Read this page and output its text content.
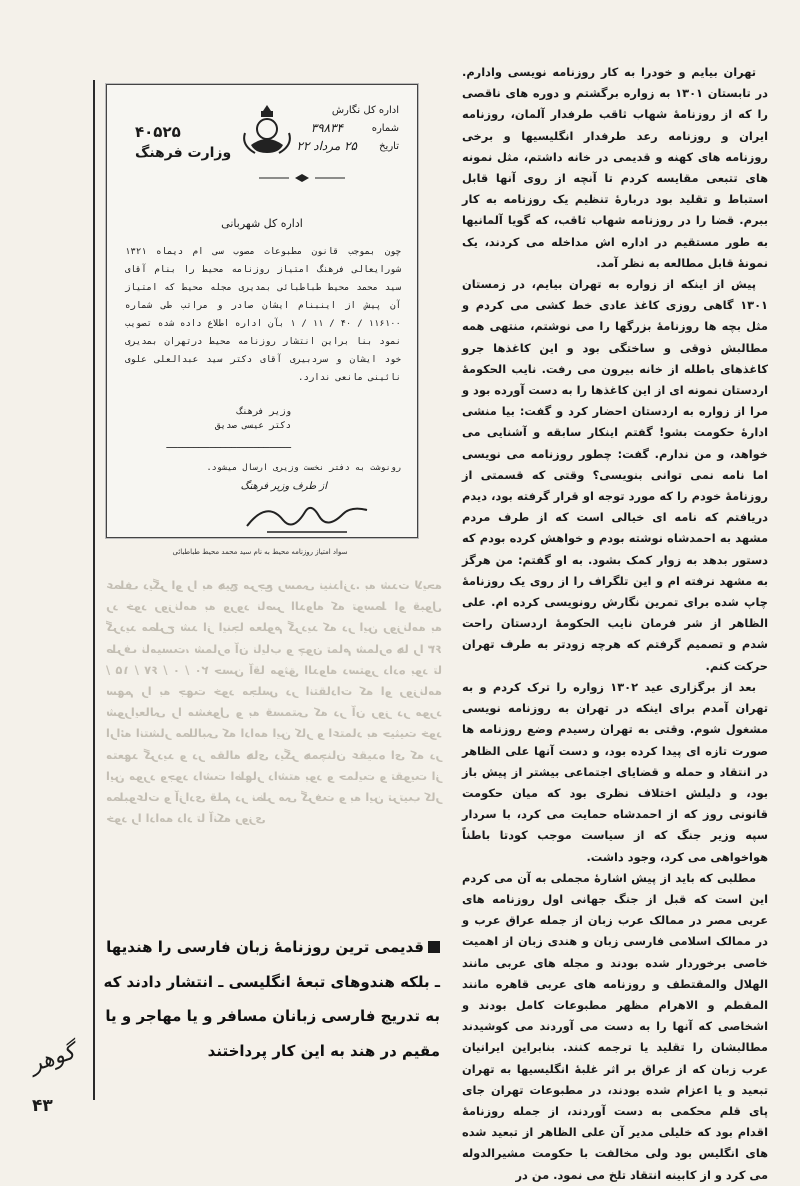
عطف دیگر او را به هیچ مرجع رسمی نیندازد. به شدت لایحه رد خود روزنامه به ورود ناصر الدوله که توسط او قبول گردید مطرح شد از اینجا معلوم گردید که در این روزنامه به طرف نامیست، شماره آن نایاب و چون تمام شماره ها را ۶۳ / ۱۵ / ۶۷ / ۰ / ۲۰ حسن آقا موثق الدوله دستور داده بود تا سهم را به جهت خود مجلس در انتقادات که او روزنامه شورایعالی را مشغول و به قسمتی که در آن روز در مورد ارائه انتشار مطالبی که ادامه این کار و اعتماد به حیثیت خود متعهد گردید و در مقاله های دیگر همچنان عقیده ای که در این مورد وجود داشت اظهار داشته بود و حمایت و تقویت از مطبوعات و آزادی قلم در نظر می گرفت و به این ترتیب کار خود را ادامه داد تا آنکه روزی
اداره کل نگارش
شماره
۳۹۸۳۴
تاریخ
۲۵ مرداد ۲۲
۴۰۵۲۵
وزارت فرهنگ
اداره کل شهربانی
چون بموجب قانون مطبوعات مصوب سی ام دیماه ۱۳۲۱ شورایعالی فرهنگ امتیاز روزنامه محیط را بنام آقای سید محمد محیط طباطبائی بمدیری مجله محیط که امتیاز آن پیش از اینبنام ایشان صادر و مراتب طی شماره ۱۱۶۱۰۰ / ۴۰ / ۱۱ / ۱ بآن اداره اطلاع داده شده تصویب نمود بنا براین انتشار روزنامه محیط درتهران بمدیری خود ایشان و سردبیری آقای دکتر سید عبدالعلی علوی نائینی مانعی ندارد.
وزیر فرهنگ
دکتر عیسی صدیق
ـــــــــــــــــــــــ
رونوشت به دفتر نخست وزیری ارسال میشود.
از طرف وزیر فرهنگ
سواد امتیاز روزنامه محیط به نام سید محمد محیط طباطبائی

تهران بیایم و خودرا به کار روزنامه نویسی وادارم. در تابستان ۱۳۰۱ به زواره برگشتم و دوره های ناقصی را که از روزنامهٔ شهاب ثاقب طرفدار آلمان، روزنامه ایران و روزنامه رعد طرفدار انگلیسیها و برخی روزنامه های کهنه و قدیمی در خانه داشتم، مثل نمونه های تتبعی مقایسه کردم تا آنچه از روی آنها قابل استباط و تقلید بود دربارهٔ تنظیم یک روزنامه به کار ببرم. قضا را در روزنامه شهاب ثاقب، که گویا آلمانیها به طور مستقیم در اداره اش مداخله می کردند، یک نمونهٔ قابل مطالعه به نظر آمد.

پیش از اینکه از زواره به تهران بیایم، در زمستان ۱۳۰۱ گاهی روزی کاغذ عادی خط کشی می کردم و مثل بچه ها روزنامهٔ بزرگها را می نوشتم، منتهی همه مطالبش ذوقی و ساختگی بود و این کاغذها جرو کاغذهای باطله از خانه بیرون می رفت. نایب الحکومهٔ اردستان نمونه ای از این کاغذها را به دست آورده بود و مرا از زواره به اردستان احضار کرد و گفت: بیا منشی ادارهٔ حکومت بشو! گفتم اینکار سابقه و آشنایی می خواهد، و من ندارم. گفت: چطور روزنامه می نویسی اما نامه نمی توانی بنویسی؟ وقتی که قسمتی از روزنامهٔ خودم را که مورد توجه او قرار گرفته بود، دیدم دریافتم که نامه ای خیالی است که از طرف مردم مشهد به احمدشاه نوشته بودم و خواهش کرده بودم که دستور بدهد به زوار کمک بشود. به او گفتم: من هرگز به مشهد نرفته ام و این تلگراف را از روی یک روزنامهٔ چاپ شده برای تمرین نگارش رونویسی کرده ام. علی الظاهر از شر فرمان نایب الحکومهٔ اردستان راحت شدم و تصمیم گرفتم که هرچه زودتر به طرف تهران حرکت کنم.

بعد از برگزاری عید ۱۳۰۲ زواره را ترک کردم و به تهران آمدم برای اینکه در تهران به روزنامه نویسی مشغول شوم. وقتی به تهران رسیدم وضع روزنامه ها صورت تازه ای پیدا کرده بود، و دست آنها علی الظاهر در انتقاد و حمله و قضایای اجتماعی بیشتر از پیش باز بود، و دلیلش اختلاف نظری بود که میان حکومت قانونی روز که از احمدشاه حمایت می کرد، با سردار سپه وزیر جنگ که از سیاست موجب کودتا باطناً هواخواهی می کرد، وجود داشت.

مطلبی که باید از پیش اشارهٔ مجملی به آن می کردم این است که قبل از جنگ جهانی اول روزنامه های عربی مصر در ممالک عرب زبان از جمله عراق عرب و در ممالک اسلامی فارسی زبان و هندی زبان از اهمیت خاصی برخوردار شده بودند و مجله های عربی مانند الهلال والمقتطف و روزنامه های عربی قاهره مانند المقطم و الاهرام مظهر مطبوعات کامل بودند و اشخاصی که آنها را به دست می آوردند می کوشیدند مطالبشان را تقلید یا ترجمه کنند. بنابراین ایرانیان عرب زبان که از عراق بر اثر غلبهٔ انگلیسیها به تهران تبعید و یا اعزام شده بودند، در مطبوعات تهران جای پای قلم محکمی به دست آوردند، از جمله روزنامهٔ اقدام بود که خلیلی مدیر آن علی الظاهر از تبعید شده های انگلیس بود ولی مخالفت با حکومت مشیرالدوله می کرد و از کابینه انتقاد تلخ می نمود. من در

قدیمی ترین روزنامهٔ زبان فارسی را هندیها ـ بلکه هندوهای تبعهٔ انگلیسی ـ انتشار دادند که به تدریج فارسی زبانان مسافر و یا مهاجر و یا مقیم در هند به این کار پرداختند
گوهر
۴۳
